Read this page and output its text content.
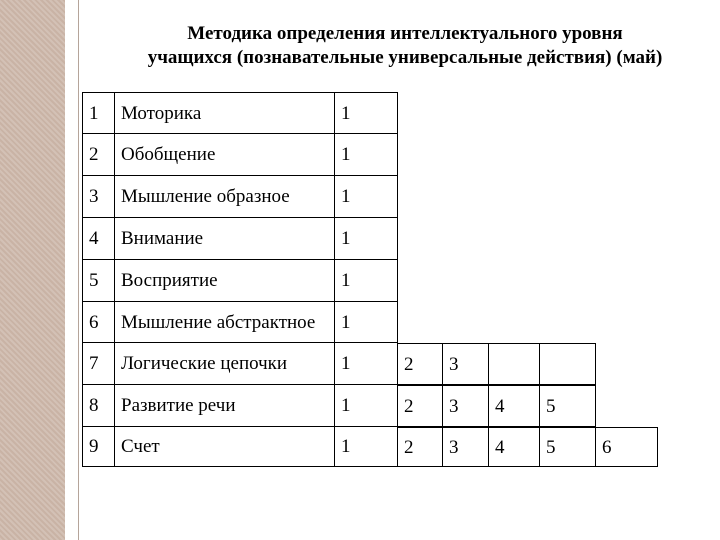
Методика определения интеллектуального уровня
учащихся (познавательные универсальные действия) (май)
1	Моторика	1
2	Обобщение	1
3	Мышление образное	1
4	Внимание	1
5	Восприятие	1
6	Мышление абстрактное	1
7	Логические цепочки	1	2	3
8	Развитие речи	1	2	3	4	5
9	Счет	1	2	3	4	5	6
